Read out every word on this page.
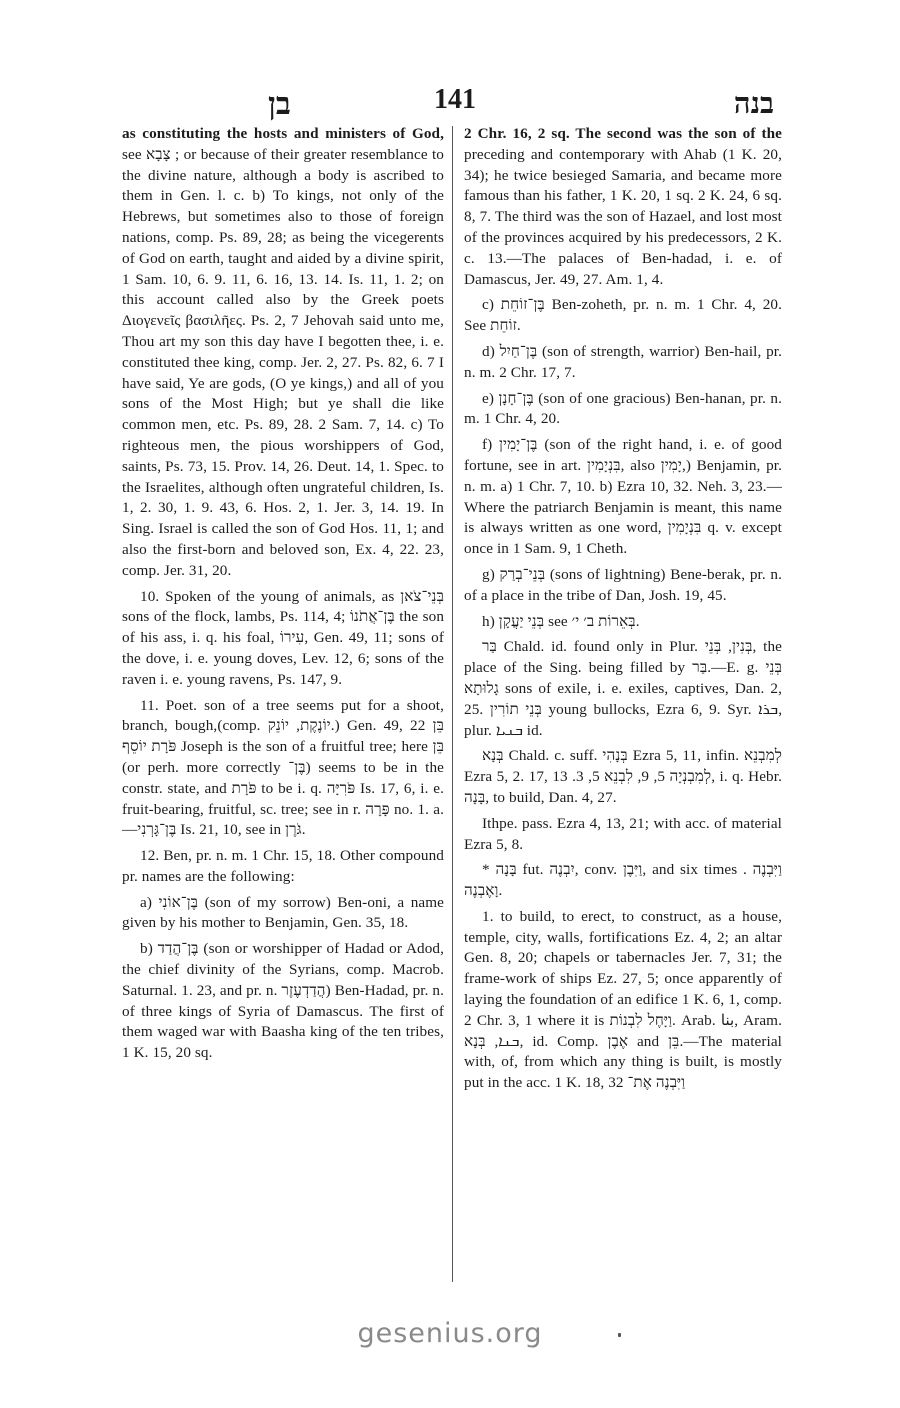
בן	141	בנה

as constituting the hosts and ministers of God, see צָבָא ; or because of their greater resemblance to the divine nature, although a body is ascribed to them in Gen. l. c. b) To kings, not only of the Hebrews, but sometimes also to those of foreign nations, comp. Ps. 89, 28; as being the vicegerents of God on earth, taught and aided by a divine spirit, 1 Sam. 10, 6. 9. 11, 6. 16, 13. 14. Is. 11, 1. 2; on this account called also by the Greek poets Διογενεῖς βασιλῆες. Ps. 2, 7 Jehovah said unto me, Thou art my son this day have I begotten thee, i. e. constituted thee king, comp. Jer. 2, 27. Ps. 82, 6. 7 I have said, Ye are gods, (O ye kings,) and all of you sons of the Most High; but ye shall die like common men, etc. Ps. 89, 28. 2 Sam. 7, 14. c) To righteous men, the pious worshippers of God, saints, Ps. 73, 15. Prov. 14, 26. Deut. 14, 1. Spec. to the Israelites, although often ungrateful children, Is. 1, 2. 30, 1. 9. 43, 6. Hos. 2, 1. Jer. 3, 14. 19. In Sing. Israel is called the son of God Hos. 11, 1; and also the first-born and beloved son, Ex. 4, 22. 23, comp. Jer. 31, 20.

10. Spoken of the young of animals, as בְּנֵי־צֹאן sons of the flock, lambs, Ps. 114, 4; בֶּן־אֲתֹנוֹ the son of his ass, i. q. his foal, עִירוֹ, Gen. 49, 11; sons of the dove, i. e. young doves, Lev. 12, 6; sons of the raven i. e. young ravens, Ps. 147, 9.

11. Poet. son of a tree seems put for a shoot, branch, bough,(comp. יוֹנֶקֶת, יוֹנֵק.) Gen. 49, 22 בֵּן פֹּרָת יוֹסֵף Joseph is the son of a fruitful tree; here בֵּן (or perh. more correctly בֶּן־) seems to be in the constr. state, and פֹּרָת to be i. q. פֹּרִיָּה Is. 17, 6, i. e. fruit-bearing, fruitful, sc. tree; see in r. פָּרָה no. 1. a.—בֶּן־גָּרְנִי Is. 21, 10, see in גֹּרֶן.

12. Ben, pr. n. m. 1 Chr. 15, 18. Other compound pr. names are the following:

a) בֶּן־אוֹנִי (son of my sorrow) Ben-oni, a name given by his mother to Benjamin, Gen. 35, 18.

b) בֶּן־הֲדַד (son or worshipper of Hadad or Adod, the chief divinity of the Syrians, comp. Macrob. Saturnal. 1. 23, and pr. n. הֲדַדְעֶזֶר) Ben-Hadad, pr. n. of three kings of Syria of Damascus. The first of them waged war with Baasha king of the ten tribes, 1 K. 15, 20 sq.

2 Chr. 16, 2 sq. The second was the son of the preceding and contemporary with Ahab (1 K. 20, 34); he twice besieged Samaria, and became more famous than his father, 1 K. 20, 1 sq. 2 K. 24, 6 sq. 8, 7. The third was the son of Hazael, and lost most of the provinces acquired by his predecessors, 2 K. c. 13.—The palaces of Ben-hadad, i. e. of Damascus, Jer. 49, 27. Am. 1, 4.

c) בֶּן־זוֹחֵת Ben-zoheth, pr. n. m. 1 Chr. 4, 20. See זוֹחֵת.

d) בֶּן־חַיִל (son of strength, warrior) Ben-hail, pr. n. m. 2 Chr. 17, 7.

e) בֶּן־חָנָן (son of one gracious) Ben-hanan, pr. n. m. 1 Chr. 4, 20.

f) בֶּן־יָמִין (son of the right hand, i. e. of good fortune, see in art. בִּנְיָמִין, also יָמִין,) Benjamin, pr. n. m. a) 1 Chr. 7, 10. b) Ezra 10, 32. Neh. 3, 23.—Where the patriarch Benjamin is meant, this name is always written as one word, בִּנְיָמִין q. v. except once in 1 Sam. 9, 1 Cheth.

g) בְּנֵי־בְרַק (sons of lightning) Bene-berak, pr. n. of a place in the tribe of Dan, Josh. 19, 45.

h) בְּנֵי יַעֲקָן see בְּאֵרוֹת ב׳ י׳.

בַּר Chald. id. found only in Plur. בְּנִין, בְּנֵי, the place of the Sing. being filled by בַּר.—E. g. בְּנֵי גָלוּתָא sons of exile, i. e. exiles, captives, Dan. 2, 25. בְּנֵי תוֹרִין young bullocks, Ezra 6, 9. Syr. ܒܪܐ, plur. ܒܢܝܐ id.

בְּנָא Chald. c. suff. בְּנָהִי Ezra 5, 11, infin. לְמִבְנֵא Ezra 5, 2. 17, לְמִבְנְיָה 5, 9, לִבְנֵא 5, 3. 13, i. q. Hebr. בָּנָה, to build, Dan. 4, 27.

Ithpe. pass. Ezra 4, 13, 21; with acc. of material Ezra 5, 8.

* בָּנָה fut. יִבְנֶה, conv. וַיִּבֶן, and six times וַיִּבְנֶה . וָאֶבְנֶה.

1. to build, to erect, to construct, as a house, temple, city, walls, fortifications Ez. 4, 2; an altar Gen. 8, 20; chapels or tabernacles Jer. 7, 31; the frame-work of ships Ez. 27, 5; once apparently of laying the foundation of an edifice 1 K. 6, 1, comp. 2 Chr. 3, 1 where it is וַיָּחֶל לִבְנוֹת. Arab. بنا, Aram. ܒܢܐ, בְּנָא, id. Comp. אֶבֶן and בֵּן.—The material with, of, from which any thing is built, is mostly put in the acc. 1 K. 18, 32 וַיִּבְנֶה אֶת־

gesenius.org
